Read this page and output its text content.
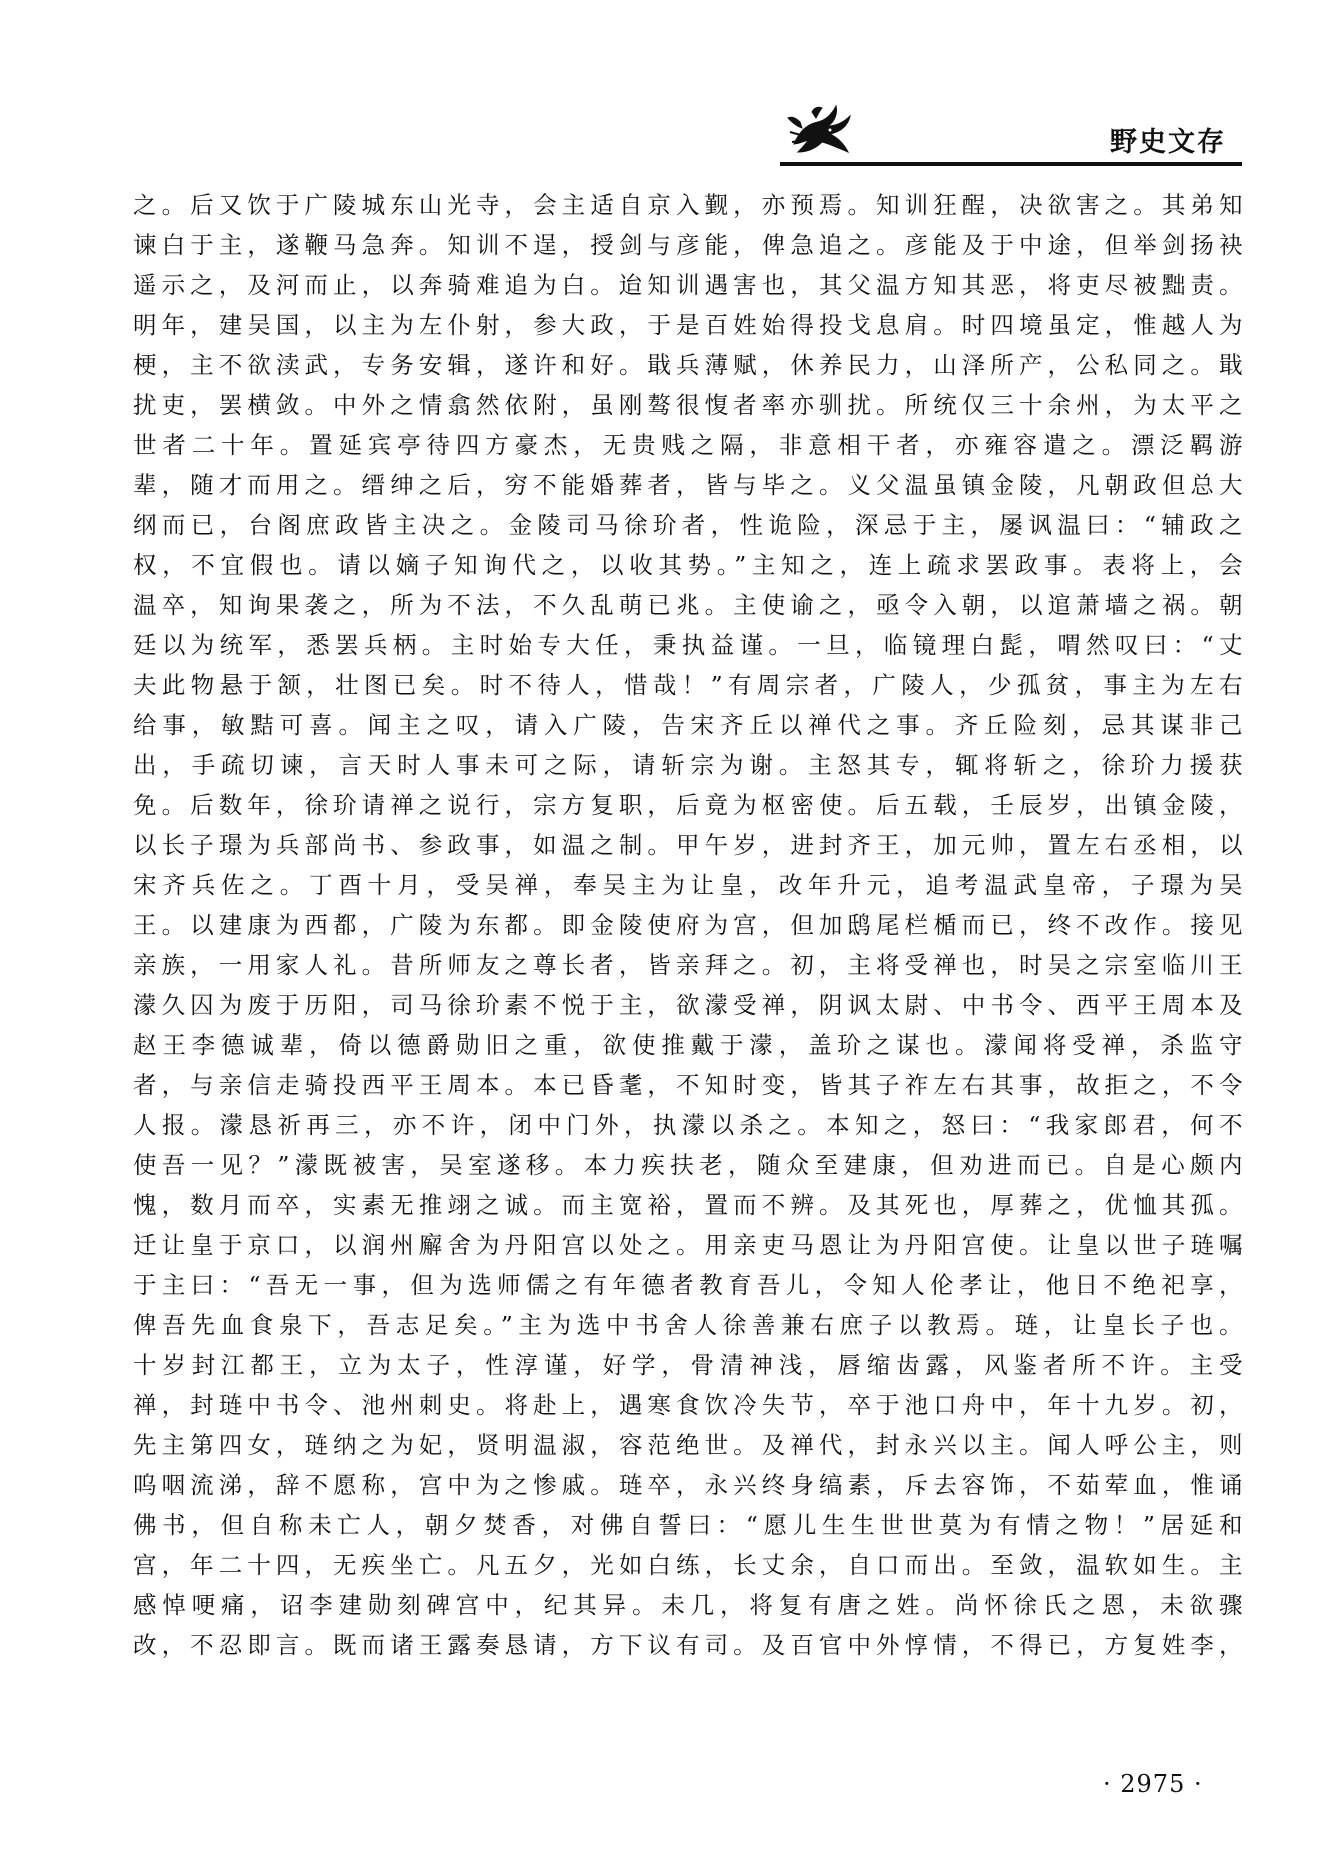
野史文存
之。后又饮于广陵城东山光寺，会主适自京入觐，亦预焉。知训狂酲，决欲害之。其弟知
谏白于主，遂鞭马急奔。知训不逞，授剑与彦能，俾急追之。彦能及于中途，但举剑扬袂
遥示之，及河而止，以奔骑难追为白。迨知训遇害也，其父温方知其恶，将吏尽被黜责。
明年，建吴国，以主为左仆射，参大政，于是百姓始得投戈息肩。时四境虽定，惟越人为
梗，主不欲渎武，专务安辑，遂许和好。戢兵薄赋，休养民力，山泽所产，公私同之。戢
扰吏，罢横敛。中外之情翕然依附，虽刚骜很愎者率亦驯扰。所统仅三十余州，为太平之
世者二十年。置延宾亭待四方豪杰，无贵贱之隔，非意相干者，亦雍容遣之。漂泛羁游
辈，随才而用之。缙绅之后，穷不能婚葬者，皆与毕之。义父温虽镇金陵，凡朝政但总大
纲而已，台阁庶政皆主决之。金陵司马徐玠者，性诡险，深忌于主，屡讽温曰：“辅政之
权，不宜假也。请以嫡子知询代之，以收其势。”主知之，连上疏求罢政事。表将上，会
温卒，知询果袭之，所为不法，不久乱萌已兆。主使谕之，亟令入朝，以逭萧墙之祸。朝
廷以为统军，悉罢兵柄。主时始专大任，秉执益谨。一旦，临镜理白髭，喟然叹曰：“丈
夫此物悬于颔，壮图已矣。时不待人，惜哉！”有周宗者，广陵人，少孤贫，事主为左右
给事，敏黠可喜。闻主之叹，请入广陵，告宋齐丘以禅代之事。齐丘险刻，忌其谋非己
出，手疏切谏，言天时人事未可之际，请斩宗为谢。主怒其专，辄将斩之，徐玠力援获
免。后数年，徐玠请禅之说行，宗方复职，后竟为枢密使。后五载，壬辰岁，出镇金陵，
以长子璟为兵部尚书、参政事，如温之制。甲午岁，进封齐王，加元帅，置左右丞相，以
宋齐兵佐之。丁酉十月，受吴禅，奉吴主为让皇，改年升元，追考温武皇帝，子璟为吴
王。以建康为西都，广陵为东都。即金陵使府为宫，但加鸱尾栏楯而已，终不改作。接见
亲族，一用家人礼。昔所师友之尊长者，皆亲拜之。初，主将受禅也，时吴之宗室临川王
濛久囚为废于历阳，司马徐玠素不悦于主，欲濛受禅，阴讽太尉、中书令、西平王周本及
赵王李德诚辈，倚以德爵勋旧之重，欲使推戴于濛，盖玠之谋也。濛闻将受禅，杀监守
者，与亲信走骑投西平王周本。本已昏耄，不知时变，皆其子祚左右其事，故拒之，不令
人报。濛恳祈再三，亦不许，闭中门外，执濛以杀之。本知之，怒曰：“我家郎君，何不
使吾一见？”濛既被害，吴室遂移。本力疾扶老，随众至建康，但劝进而已。自是心颇内
愧，数月而卒，实素无推翊之诚。而主宽裕，置而不辨。及其死也，厚葬之，优恤其孤。
迁让皇于京口，以润州廨舍为丹阳宫以处之。用亲吏马恩让为丹阳宫使。让皇以世子琏嘱
于主曰：“吾无一事，但为选师儒之有年德者教育吾儿，令知人伦孝让，他日不绝祀享，
俾吾先血食泉下，吾志足矣。”主为选中书舍人徐善兼右庶子以教焉。琏，让皇长子也。
十岁封江都王，立为太子，性淳谨，好学，骨清神浅，唇缩齿露，风鉴者所不许。主受
禅，封琏中书令、池州刺史。将赴上，遇寒食饮冷失节，卒于池口舟中，年十九岁。初，
先主第四女，琏纳之为妃，贤明温淑，容范绝世。及禅代，封永兴以主。闻人呼公主，则
呜咽流涕，辞不愿称，宫中为之惨戚。琏卒，永兴终身缟素，斥去容饰，不茹荤血，惟诵
佛书，但自称未亡人，朝夕焚香，对佛自誓曰：“愿儿生生世世莫为有情之物！”居延和
宫，年二十四，无疾坐亡。凡五夕，光如白练，长丈余，自口而出。至敛，温软如生。主
感悼哽痛，诏李建勋刻碑宫中，纪其异。未几，将复有唐之姓。尚怀徐氏之恩，未欲骤
改，不忍即言。既而诸王露奏恳请，方下议有司。及百官中外惇情，不得已，方复姓李，
· 2975 ·
